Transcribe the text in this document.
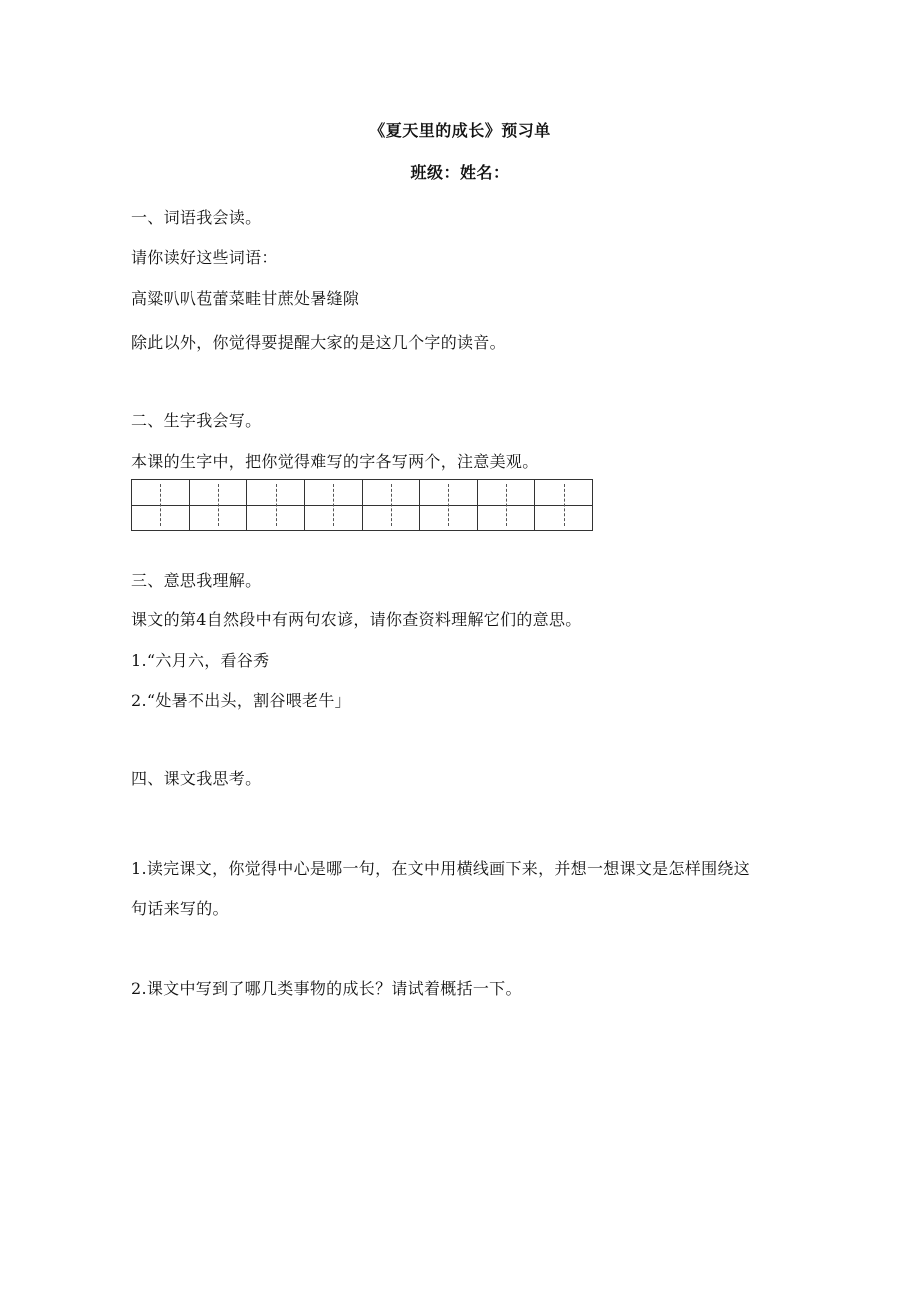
《夏天里的成长》预习单
班级：姓名：
一、词语我会读。
请你读好这些词语：
高粱叭叭苞蕾菜畦甘蔗处暑缝隙
除此以外，你觉得要提醒大家的是这几个字的读音。
二、生字我会写。
本课的生字中，把你觉得难写的字各写两个，注意美观。
三、意思我理解。
课文的第4自然段中有两句农谚，请你查资料理解它们的意思。
1.“六月六，看谷秀
2.“处暑不出头，割谷喂老牛」
四、课文我思考。
1.读完课文，你觉得中心是哪一句，在文中用横线画下来，并想一想课文是怎样围绕这
句话来写的。
2.课文中写到了哪几类事物的成长？请试着概括一下。
